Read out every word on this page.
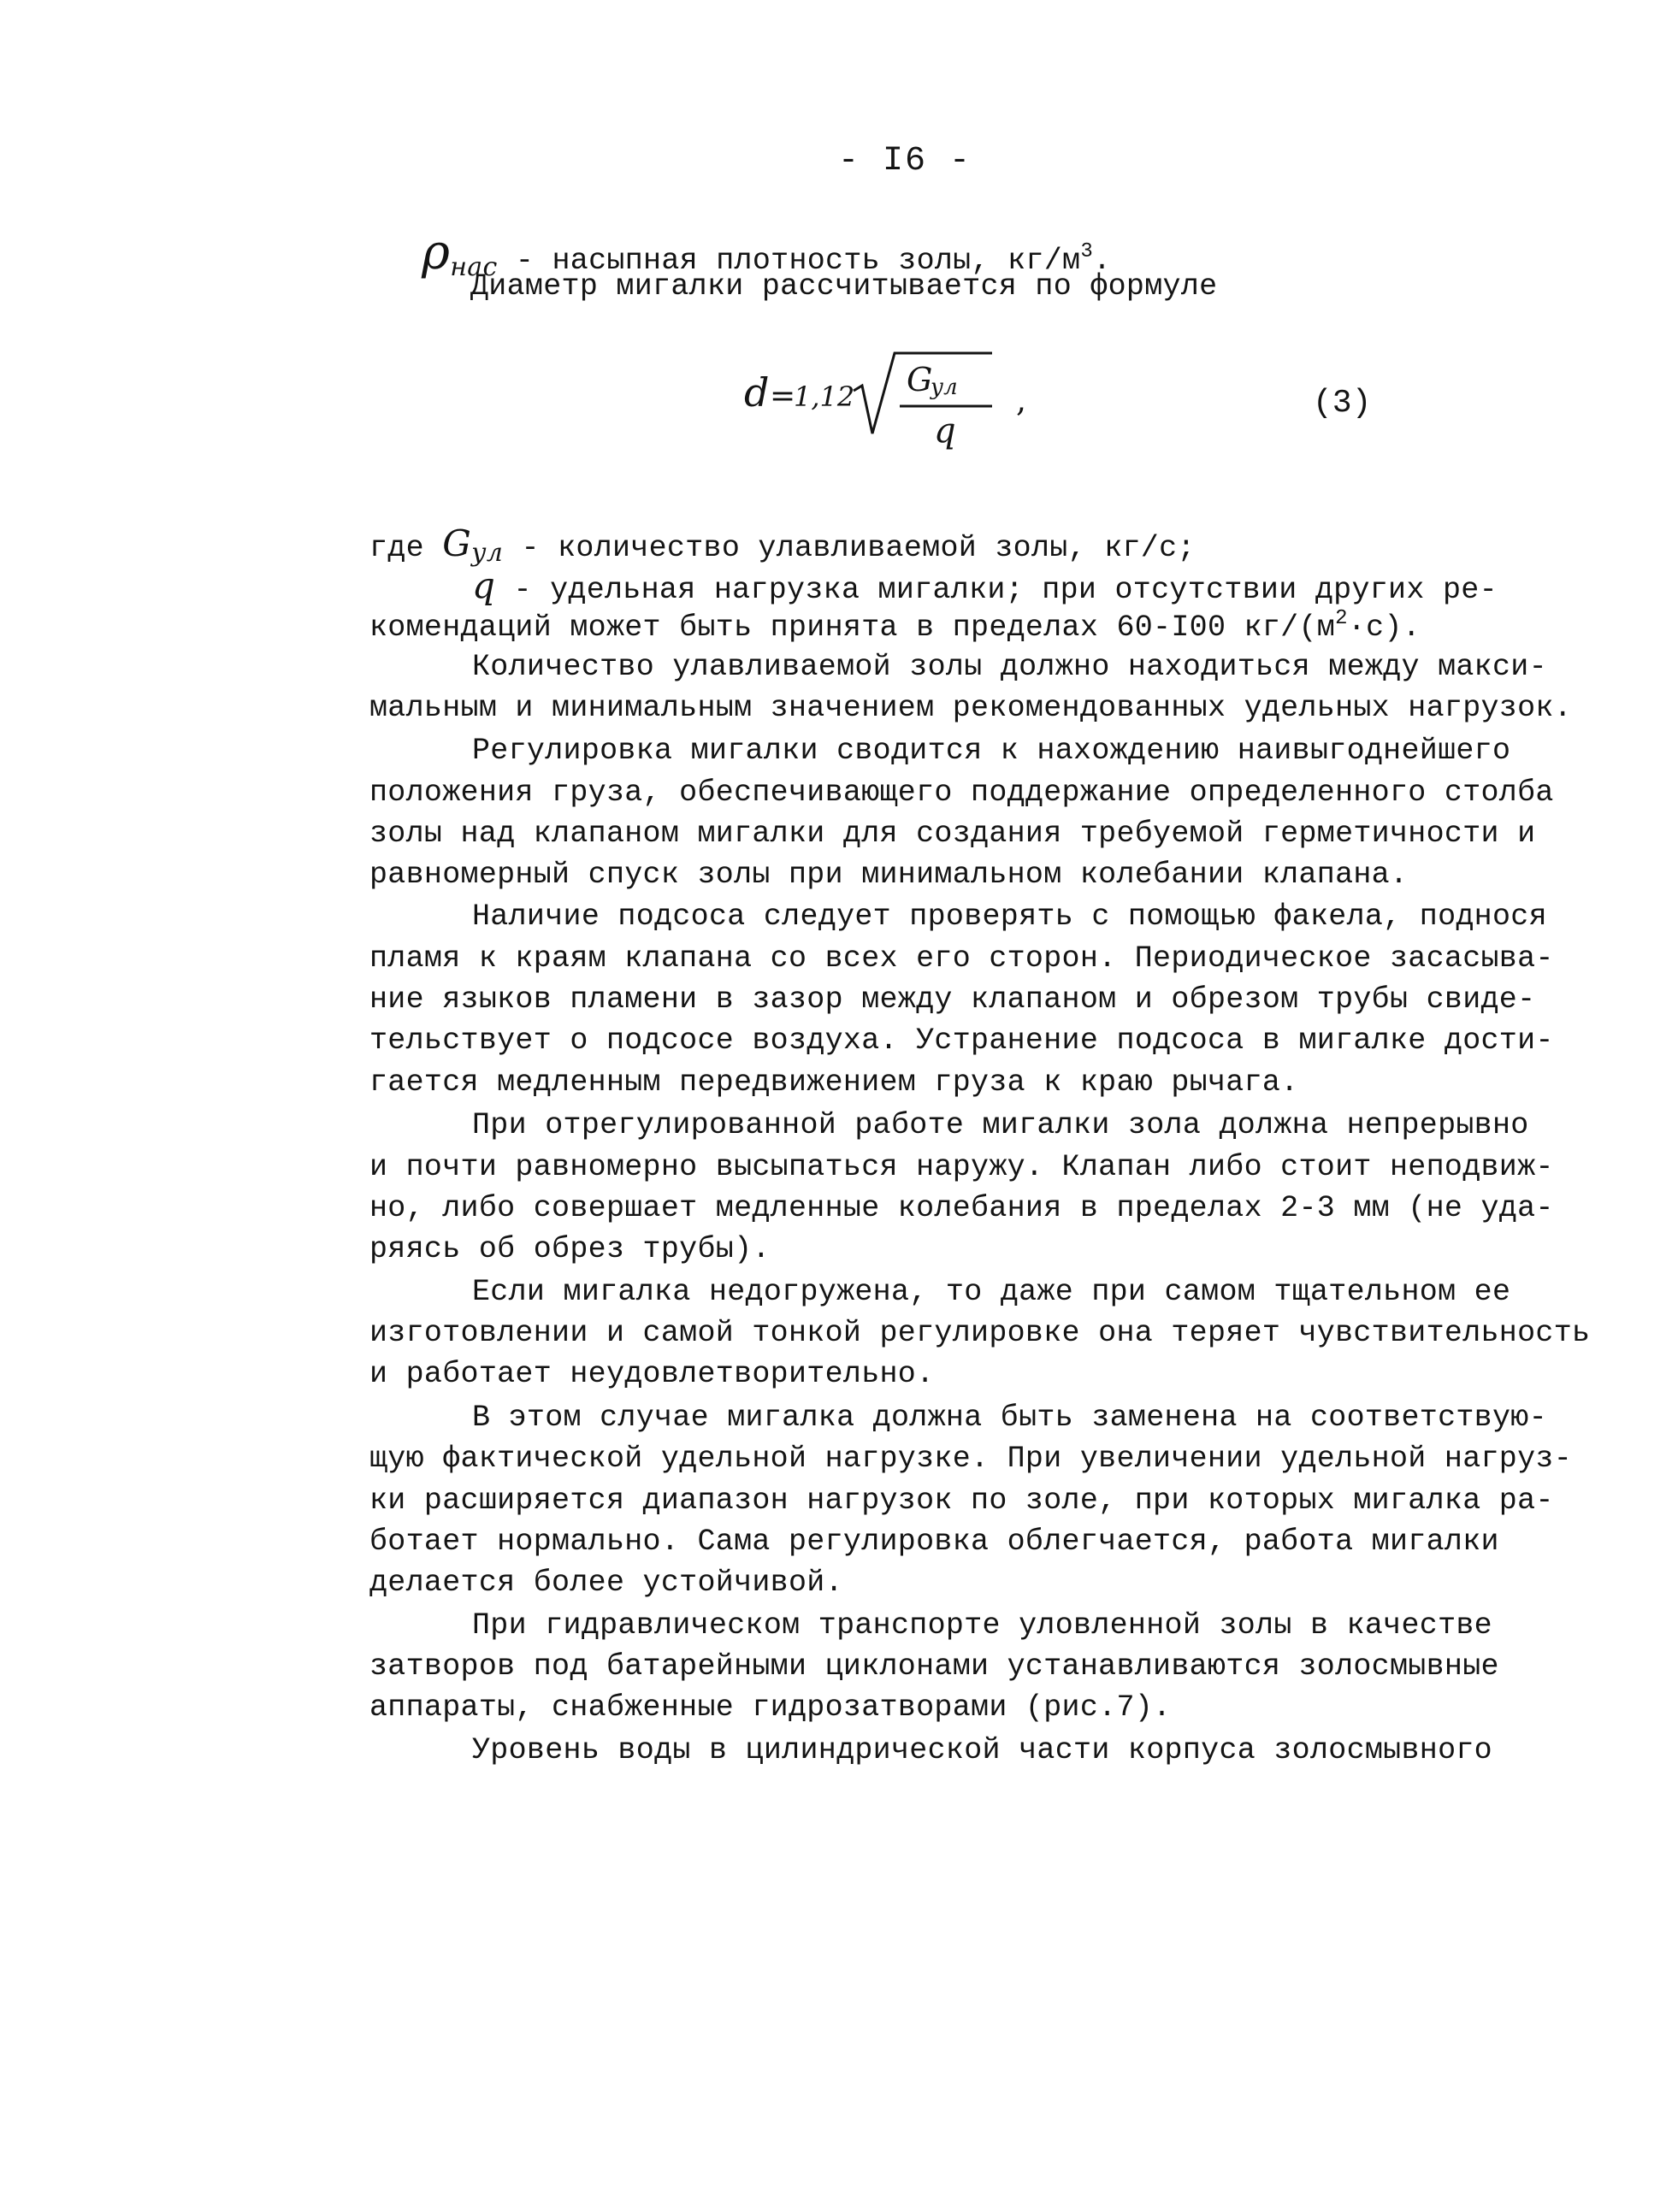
- I6 -
ρнас - насыпная плотность золы, $кг/м^3$.
Диаметр мигалки рассчитывается по формуле
d =
1,12 G
ул
q
,	(3)
где Gул - количество улавливаемой золы, кг/с;
q - удельная нагрузка мигалки; при отсутствии других ре-
комендаций может быть принята в пределах 60-I00 $кг/(м^2\cdot с)$.
Количество улавливаемой золы должно находиться между макси-
мальным и минимальным значением рекомендованных удельных нагрузок.
Регулировка мигалки сводится к нахождению наивыгоднейшего
положения груза, обеспечивающего поддержание определенного столба
золы над клапаном мигалки для создания требуемой герметичности и
равномерный спуск золы при минимальном колебании клапана.
Наличие подсоса следует проверять с помощью факела, поднося
пламя к краям клапана со всех его сторон. Периодическое засасыва-
ние языков пламени в зазор между клапаном и обрезом трубы свиде-
тельствует о подсосе воздуха. Устранение подсоса в мигалке дости-
гается медленным передвижением груза к краю рычага.
При отрегулированной работе мигалки зола должна непрерывно
и почти равномерно высыпаться наружу. Клапан либо стоит неподвиж-
но, либо совершает медленные колебания в пределах 2-3 мм (не уда-
ряясь об обрез трубы).
Если мигалка недогружена, то даже при самом тщательном ее
изготовлении и самой тонкой регулировке она теряет чувствительность
и работает неудовлетворительно.
В этом случае мигалка должна быть заменена на соответствую-
щую фактической удельной нагрузке. При увеличении удельной нагруз-
ки расширяется диапазон нагрузок по золе, при которых мигалка ра-
ботает нормально. Сама регулировка облегчается, работа мигалки
делается более устойчивой.
При гидравлическом транспорте уловленной золы в качестве
затворов под батарейными циклонами устанавливаются золосмывные
аппараты, снабженные гидрозатворами (рис.7).
Уровень воды в цилиндрической части корпуса золосмывного
